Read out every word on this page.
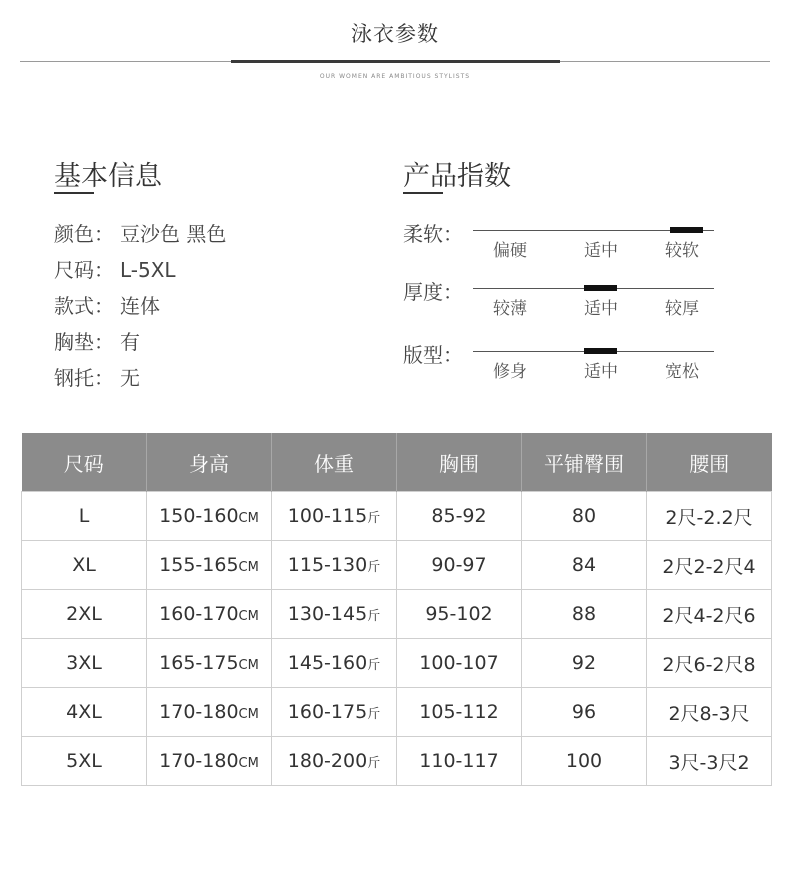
泳衣参数
OUR WOMEN ARE AMBITIOUS STYLISTS
基本信息
颜色： 豆沙色 黑色
尺码： L-5XL
款式： 连体
胸垫： 有
钢托： 无
产品指数
柔软：
偏硬	适中	较软
厚度：
较薄	适中	较厚
版型：
修身	适中	宽松
尺码	身高	体重	胸围	平铺臀围	腰围
L	150-160CM	100-115斤	85-92	80	2尺-2.2尺
XL	155-165CM	115-130斤	90-97	84	2尺2-2尺4
2XL	160-170CM	130-145斤	95-102	88	2尺4-2尺6
3XL	165-175CM	145-160斤	100-107	92	2尺6-2尺8
4XL	170-180CM	160-175斤	105-112	96	2尺8-3尺
5XL	170-180CM	180-200斤	110-117	100	3尺-3尺2
